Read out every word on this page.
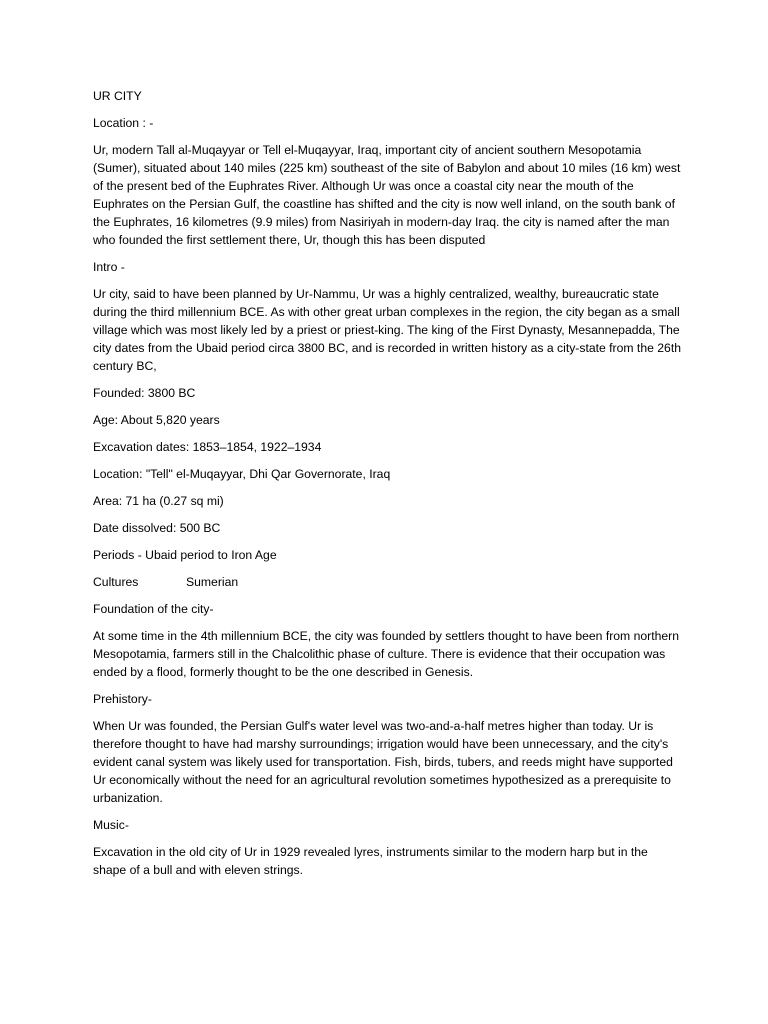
UR CITY

Location : -

Ur, modern Tall al-Muqayyar or Tell el-Muqayyar, Iraq, important city of ancient southern Mesopotamia (Sumer), situated about 140 miles (225 km) southeast of the site of Babylon and about 10 miles (16 km) west of the present bed of the Euphrates River. Although Ur was once a coastal city near the mouth of the Euphrates on the Persian Gulf, the coastline has shifted and the city is now well inland, on the south bank of the Euphrates, 16 kilometres (9.9 miles) from Nasiriyah in modern-day Iraq. the city is named after the man who founded the first settlement there, Ur, though this has been disputed

Intro -

Ur city, said to have been planned by Ur-Nammu, Ur was a highly centralized, wealthy, bureaucratic state during the third millennium BCE. As with other great urban complexes in the region, the city began as a small village which was most likely led by a priest or priest-king. The king of the First Dynasty, Mesannepadda, The city dates from the Ubaid period circa 3800 BC, and is recorded in written history as a city-state from the 26th century BC,

Founded: 3800 BC

Age: About 5,820 years

Excavation dates: 1853–1854, 1922–1934

Location: "Tell" el-Muqayyar, Dhi Qar Governorate, Iraq

Area: 71 ha (0.27 sq mi)

Date dissolved: 500 BC

Periods - Ubaid period to Iron Age

Cultures	Sumerian

Foundation of the city-

At some time in the 4th millennium BCE, the city was founded by settlers thought to have been from northern Mesopotamia, farmers still in the Chalcolithic phase of culture. There is evidence that their occupation was ended by a flood, formerly thought to be the one described in Genesis.

Prehistory-

When Ur was founded, the Persian Gulf's water level was two-and-a-half metres higher than today. Ur is therefore thought to have had marshy surroundings; irrigation would have been unnecessary, and the city's evident canal system was likely used for transportation. Fish, birds, tubers, and reeds might have supported Ur economically without the need for an agricultural revolution sometimes hypothesized as a prerequisite to urbanization.

Music-

Excavation in the old city of Ur in 1929 revealed lyres, instruments similar to the modern harp but in the shape of a bull and with eleven strings.
